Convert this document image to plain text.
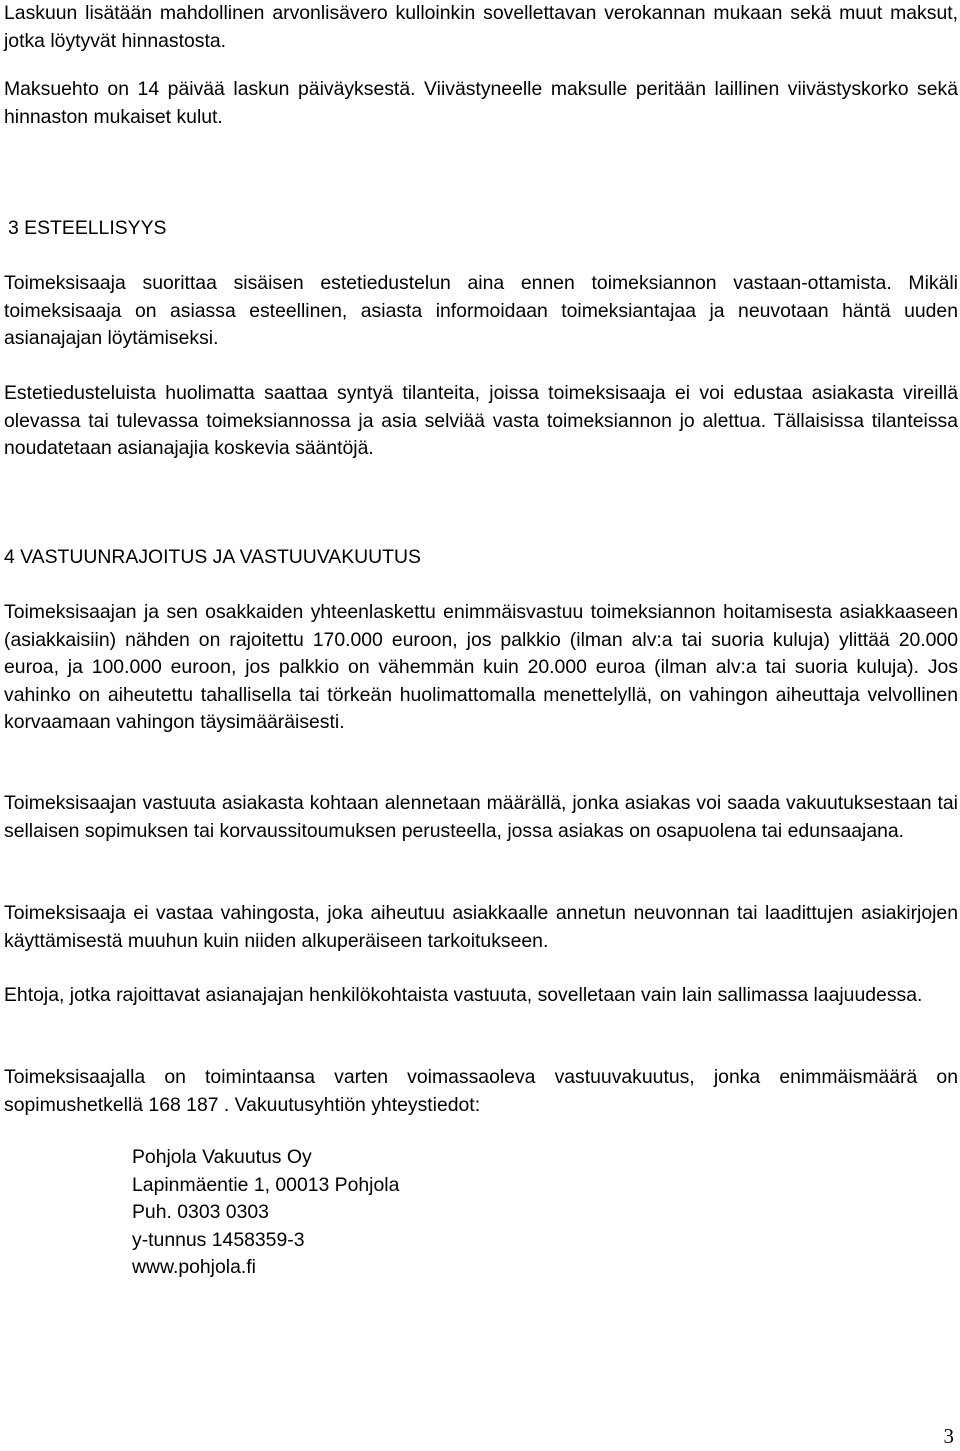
Laskuun lisätään mahdollinen arvonlisävero kulloinkin sovellettavan verokannan mukaan sekä muut maksut, jotka löytyvät hinnastosta.

Maksuehto on 14 päivää laskun päiväyksestä. Viivästyneelle maksulle peritään laillinen viivästyskorko sekä hinnaston mukaiset kulut.

3 ESTEELLISYYS

Toimeksisaaja suorittaa sisäisen estetiedustelun aina ennen toimeksiannon vastaan-ottamista. Mikäli toimeksisaaja on asiassa esteellinen, asiasta informoidaan toimeksiantajaa ja neuvotaan häntä uuden asianajajan löytämiseksi.

Estetiedusteluista huolimatta saattaa syntyä tilanteita, joissa toimeksisaaja ei voi edustaa asiakasta vireillä olevassa tai tulevassa toimeksiannossa ja asia selviää vasta toimeksiannon jo alettua. Tällaisissa tilanteissa noudatetaan asianajajia koskevia sääntöjä.

4 VASTUUNRAJOITUS JA VASTUUVAKUUTUS

Toimeksisaajan ja sen osakkaiden yhteenlaskettu enimmäisvastuu toimeksiannon hoitamisesta asiakkaaseen (asiakkaisiin) nähden on rajoitettu 170.000 euroon, jos palkkio (ilman alv:a tai suoria kuluja) ylittää 20.000 euroa, ja 100.000 euroon, jos palkkio on vähemmän kuin 20.000 euroa (ilman alv:a tai suoria kuluja). Jos vahinko on aiheutettu tahallisella tai törkeän huolimattomalla menettelyllä, on vahingon aiheuttaja velvollinen korvaamaan vahingon täysimääräisesti.

Toimeksisaajan vastuuta asiakasta kohtaan alennetaan määrällä, jonka asiakas voi saada vakuutuksestaan tai sellaisen sopimuksen tai korvaussitoumuksen perusteella, jossa asiakas on osapuolena tai edunsaajana.

Toimeksisaaja ei vastaa vahingosta, joka aiheutuu asiakkaalle annetun neuvonnan tai laadittujen asiakirjojen käyttämisestä muuhun kuin niiden alkuperäiseen tarkoitukseen.

Ehtoja, jotka rajoittavat asianajajan henkilökohtaista vastuuta, sovelletaan vain lain sallimassa laajuudessa.

Toimeksisaajalla on toimintaansa varten voimassaoleva vastuuvakuutus, jonka enimmäismäärä on sopimushetkellä 168 187 . Vakuutusyhtiön yhteystiedot:

Pohjola Vakuutus Oy
Lapinmäentie 1, 00013 Pohjola
Puh. 0303 0303
y-tunnus 1458359-3
www.pohjola.fi
3
